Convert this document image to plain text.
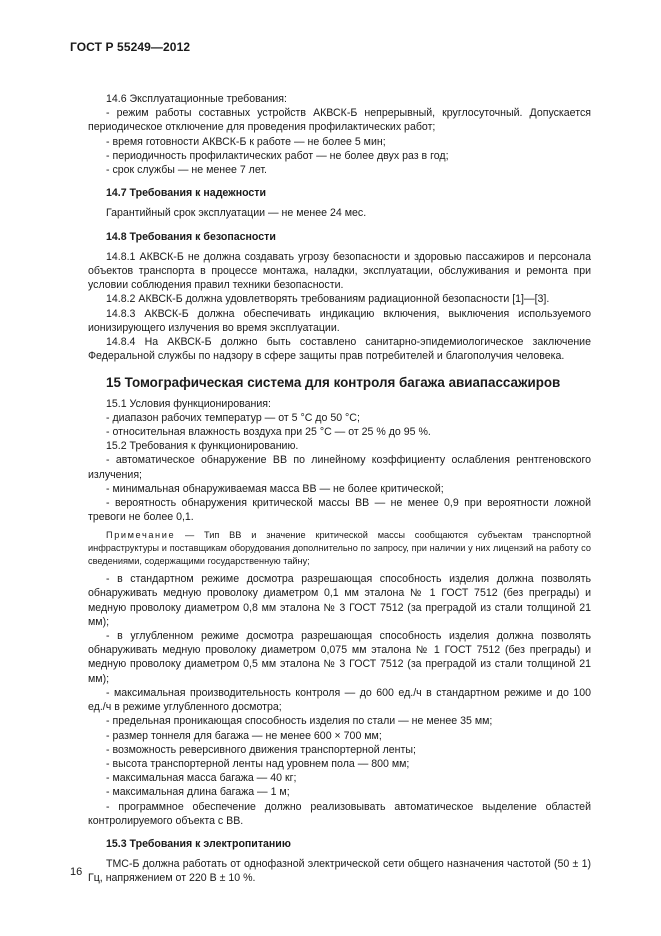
ГОСТ Р 55249—2012

14.6 Эксплуатационные требования:

- режим работы составных устройств АКВСК-Б непрерывный, круглосуточный. Допускается периодическое отключение для проведения профилактических работ;

- время готовности АКВСК-Б к работе — не более 5 мин;

- периодичность профилактических работ — не более двух раз в год;

- срок службы — не менее 7 лет.

14.7 Требования к надежности

Гарантийный срок эксплуатации — не менее 24 мес.

14.8 Требования к безопасности

14.8.1 АКВСК-Б не должна создавать угрозу безопасности и здоровью пассажиров и персонала объектов транспорта в процессе монтажа, наладки, эксплуатации, обслуживания и ремонта при условии соблюдения правил техники безопасности.

14.8.2 АКВСК-Б должна удовлетворять требованиям радиационной безопасности [1]—[3].

14.8.3 АКВСК-Б должна обеспечивать индикацию включения, выключения используемого ионизирующего излучения во время эксплуатации.

14.8.4 На АКВСК-Б должно быть составлено санитарно-эпидемиологическое заключение Федеральной службы по надзору в сфере защиты прав потребителей и благополучия человека.

15 Томографическая система для контроля багажа авиапассажиров

15.1 Условия функционирования:

- диапазон рабочих температур — от 5 °С до 50 °С;

- относительная влажность воздуха при 25 °С — от 25 % до 95 %.

15.2 Требования к функционированию.

- автоматическое обнаружение ВВ по линейному коэффициенту ослабления рентгеновского излучения;

- минимальная обнаруживаемая масса ВВ — не более критической;

- вероятность обнаружения критической массы ВВ — не менее 0,9 при вероятности ложной тревоги не более 0,1.

Примечание — Тип ВВ и значение критической массы сообщаются субъектам транспортной инфраструктуры и поставщикам оборудования дополнительно по запросу, при наличии у них лицензий на работу со сведениями, содержащими государственную тайну;

- в стандартном режиме досмотра разрешающая способность изделия должна позволять обнаруживать медную проволоку диаметром 0,1 мм эталона № 1 ГОСТ 7512 (без преграды) и медную проволоку диаметром 0,8 мм эталона № 3 ГОСТ 7512 (за преградой из стали толщиной 21 мм);

- в углубленном режиме досмотра разрешающая способность изделия должна позволять обнаруживать медную проволоку диаметром 0,075 мм эталона № 1 ГОСТ 7512 (без преграды) и медную проволоку диаметром 0,5 мм эталона № 3 ГОСТ 7512 (за преградой из стали толщиной 21 мм);

- максимальная производительность контроля — до 600 ед./ч в стандартном режиме и до 100 ед./ч в режиме углубленного досмотра;

- предельная проникающая способность изделия по стали — не менее 35 мм;

- размер тоннеля для багажа — не менее 600 × 700 мм;

- возможность реверсивного движения транспортерной ленты;

- высота транспортерной ленты над уровнем пола — 800 мм;

- максимальная масса багажа — 40 кг;

- максимальная длина багажа — 1 м;

- программное обеспечение должно реализовывать автоматическое выделение областей контролируемого объекта с ВВ.

15.3 Требования к электропитанию

ТМС-Б должна работать от однофазной электрической сети общего назначения частотой (50 ± 1) Гц, напряжением от 220 В ± 10 %.

16
